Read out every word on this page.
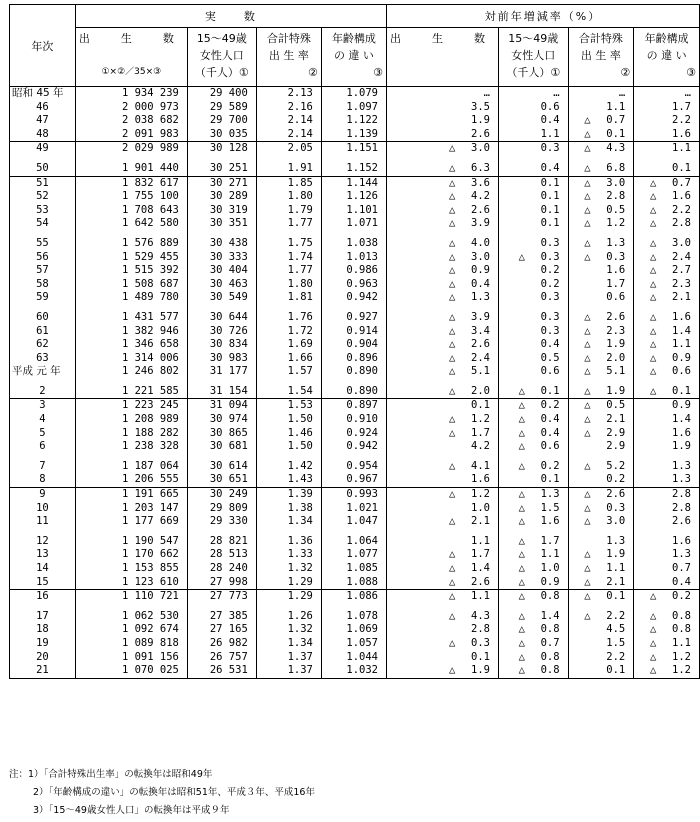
年次	実　　数				対前年増減率（%）			

	出　生　数
①×②／35×③	15～49歳
女性人口
（千人）①	合計特殊
出 生 率
②	年齢構成
の 違 い
③	出　生　数	15～49歳
女性人口
（千人）①	合計特殊
出 生 率
②	年齢構成
の 違 い
③

昭和 45 年	1 934 239	29 400	2.13	1.079	…	…	…	…
46	2 000 973	29 589	2.16	1.097	3.5	0.6	1.1	1.7
47	2 038 682	29 700	2.14	1.122	1.9	0.4	△ 0.7	2.2
48	2 091 983	30 035	2.14	1.139	2.6	1.1	△ 0.1	1.6
49	2 029 989	30 128	2.05	1.151	△ 3.0	0.3	△ 4.3	1.1
50	1 901 440	30 251	1.91	1.152	△ 6.3	0.4	△ 6.8	0.1
51	1 832 617	30 271	1.85	1.144	△ 3.6	0.1	△ 3.0	△ 0.7
52	1 755 100	30 289	1.80	1.126	△ 4.2	0.1	△ 2.8	△ 1.6
53	1 708 643	30 319	1.79	1.101	△ 2.6	0.1	△ 0.5	△ 2.2
54	1 642 580	30 351	1.77	1.071	△ 3.9	0.1	△ 1.2	△ 2.8
55	1 576 889	30 438	1.75	1.038	△ 4.0	0.3	△ 1.3	△ 3.0
56	1 529 455	30 333	1.74	1.013	△ 3.0	△ 0.3	△ 0.3	△ 2.4
57	1 515 392	30 404	1.77	0.986	△ 0.9	0.2	1.6	△ 2.7
58	1 508 687	30 463	1.80	0.963	△ 0.4	0.2	1.7	△ 2.3
59	1 489 780	30 549	1.81	0.942	△ 1.3	0.3	0.6	△ 2.1
60	1 431 577	30 644	1.76	0.927	△ 3.9	0.3	△ 2.6	△ 1.6
61	1 382 946	30 726	1.72	0.914	△ 3.4	0.3	△ 2.3	△ 1.4
62	1 346 658	30 834	1.69	0.904	△ 2.6	0.4	△ 1.9	△ 1.1
63	1 314 006	30 983	1.66	0.896	△ 2.4	0.5	△ 2.0	△ 0.9
平成 元 年	1 246 802	31 177	1.57	0.890	△ 5.1	0.6	△ 5.1	△ 0.6
2	1 221 585	31 154	1.54	0.890	△ 2.0	△ 0.1	△ 1.9	△ 0.1
3	1 223 245	31 094	1.53	0.897	0.1	△ 0.2	△ 0.5	0.9
4	1 208 989	30 974	1.50	0.910	△ 1.2	△ 0.4	△ 2.1	1.4
5	1 188 282	30 865	1.46	0.924	△ 1.7	△ 0.4	△ 2.9	1.6
6	1 238 328	30 681	1.50	0.942	4.2	△ 0.6	2.9	1.9
7	1 187 064	30 614	1.42	0.954	△ 4.1	△ 0.2	△ 5.2	1.3
8	1 206 555	30 651	1.43	0.967	1.6	0.1	0.2	1.3
9	1 191 665	30 249	1.39	0.993	△ 1.2	△ 1.3	△ 2.6	2.8
10	1 203 147	29 809	1.38	1.021	1.0	△ 1.5	△ 0.3	2.8
11	1 177 669	29 330	1.34	1.047	△ 2.1	△ 1.6	△ 3.0	2.6
12	1 190 547	28 821	1.36	1.064	1.1	△ 1.7	1.3	1.6
13	1 170 662	28 513	1.33	1.077	△ 1.7	△ 1.1	△ 1.9	1.3
14	1 153 855	28 240	1.32	1.085	△ 1.4	△ 1.0	△ 1.1	0.7
15	1 123 610	27 998	1.29	1.088	△ 2.6	△ 0.9	△ 2.1	0.4
16	1 110 721	27 773	1.29	1.086	△ 1.1	△ 0.8	△ 0.1	△ 0.2
17	1 062 530	27 385	1.26	1.078	△ 4.3	△ 1.4	△ 2.2	△ 0.8
18	1 092 674	27 165	1.32	1.069	2.8	△ 0.8	4.5	△ 0.8
19	1 089 818	26 982	1.34	1.057	△ 0.3	△ 0.7	1.5	△ 1.1
20	1 091 156	26 757	1.37	1.044	0.1	△ 0.8	2.2	△ 1.2
21	1 070 025	26 531	1.37	1.032	△ 1.9	△ 0.8	0.1	△ 1.2
注：1）「合計特殊出生率」の転換年は昭和49年
2）「年齢構成の違い」の転換年は昭和51年、平成３年、平成16年
3）「15～49歳女性人口」の転換年は平成９年
